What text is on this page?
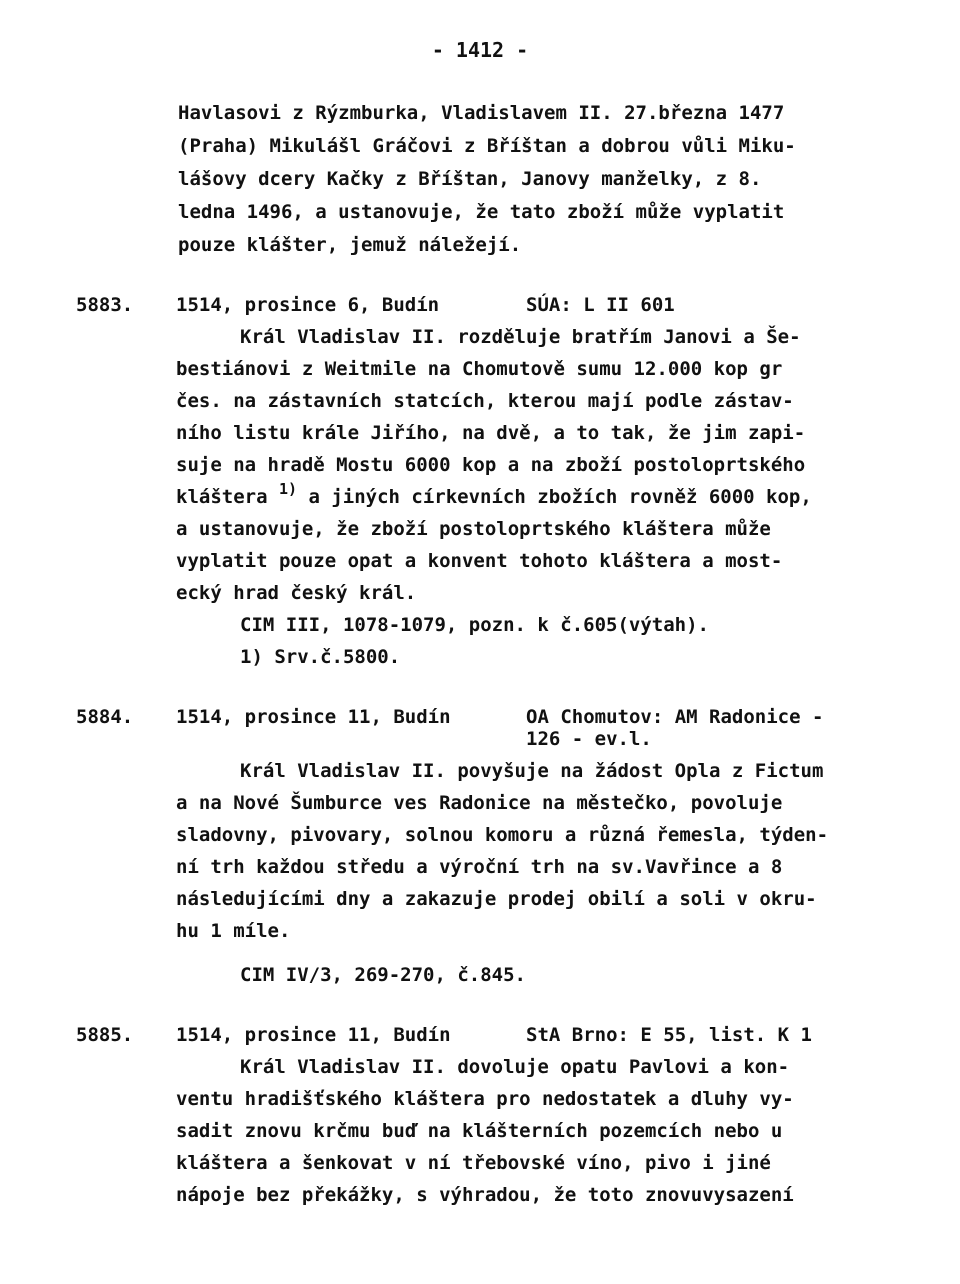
- 1412 -
Havlasovi z Rýzmburka, Vladislavem II. 27.března 1477
(Praha) Mikulášl Gráčovi z Bříštan a dobrou vůli Miku-
lášovy dcery Kačky z Bříštan, Janovy manželky, z 8.
ledna 1496, a ustanovuje, že tato zboží může vyplatit
pouze klášter, jemuž náležejí.
5883. 1514, prosince 6, Budín	SÚA: L II 601
Král Vladislav II. rozděluje bratřím Janovi a Še-
bestiánovi z Weitmile na Chomutově sumu 12.000 kop gr
čes. na zástavních statcích, kterou mají podle zástav-
ního listu krále Jiřího, na dvě, a to tak, že jim zapi-
suje na hradě Mostu 6000 kop a na zboží postoloprtského
kláštera $^{1)}$ a jiných církevních zbožích rovněž 6000 kop,
a ustanovuje, že zboží postoloprtského kláštera může
vyplatit pouze opat a konvent tohoto kláštera a most-
ecký hrad český král.
CIM III, 1078-1079, pozn. k č.605(výtah).
1) Srv.č.5800.
5884. 1514, prosince 11, Budín	OA Chomutov: AM Radonice -
126 - ev.l.
Král Vladislav II. povyšuje na žádost Opla z Fictum
a na Nové Šumburce ves Radonice na městečko, povoluje
sladovny, pivovary, solnou komoru a různá řemesla, týden-
ní trh každou středu a výroční trh na sv.Vavřince a 8
následujícími dny a zakazuje prodej obilí a soli v okru-
hu 1 míle.
CIM IV/3, 269-270, č.845.
5885. 1514, prosince 11, Budín	StA Brno: E 55, list. K 1
Král Vladislav II. dovoluje opatu Pavlovi a kon-
ventu hradišťského kláštera pro nedostatek a dluhy vy-
sadit znovu krčmu buď na klášterních pozemcích nebo u
kláštera a šenkovat v ní třebovské víno, pivo i jiné
nápoje bez překážky, s výhradou, že toto znovuvysazení
